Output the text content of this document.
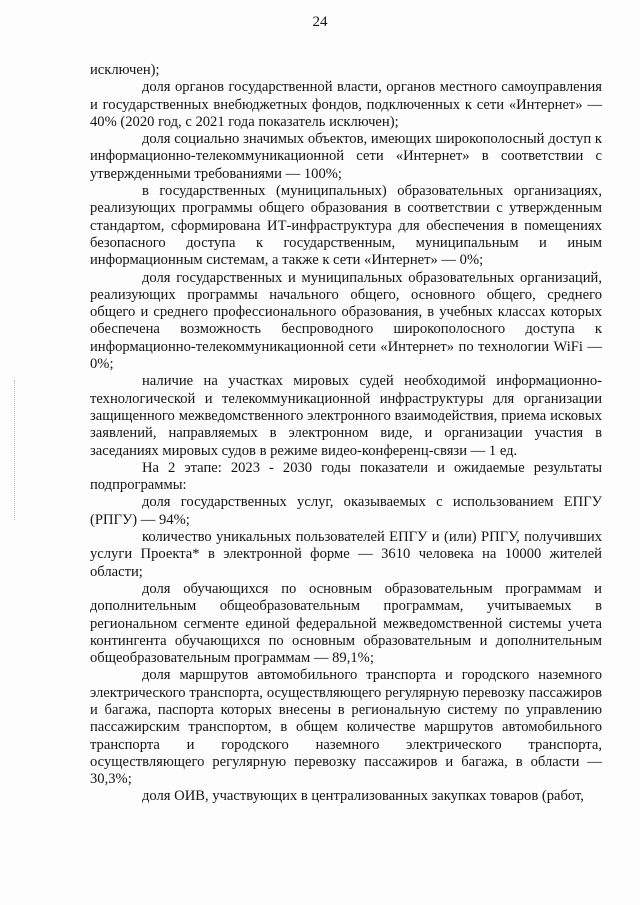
24

исключен);

доля органов государственной власти, органов местного самоуправления и государственных внебюджетных фондов, подключенных к сети «Интернет» — 40% (2020 год, с 2021 года показатель исключен);

доля социально значимых объектов, имеющих широкополосный доступ к информационно-телекоммуникационной сети «Интернет» в соответствии с утвержденными требованиями — 100%;

в государственных (муниципальных) образовательных организациях, реализующих программы общего образования в соответствии с утвержденным стандартом, сформирована ИТ-инфраструктура для обеспечения в помещениях безопасного доступа к государственным, муниципальным и иным информационным системам, а также к сети «Интернет» — 0%;

доля государственных и муниципальных образовательных организаций, реализующих программы начального общего, основного общего, среднего общего и среднего профессионального образования, в учебных классах которых обеспечена возможность беспроводного широкополосного доступа к информационно-телекоммуникационной сети «Интернет» по технологии WiFi — 0%;

наличие на участках мировых судей необходимой информационно-технологической и телекоммуникационной инфраструктуры для организации защищенного межведомственного электронного взаимодействия, приема исковых заявлений, направляемых в электронном виде, и организации участия в заседаниях мировых судов в режиме видео-конференц-связи — 1 ед.

На 2 этапе: 2023 - 2030 годы показатели и ожидаемые результаты подпрограммы:

доля государственных услуг, оказываемых с использованием ЕПГУ (РПГУ) — 94%;

количество уникальных пользователей ЕПГУ и (или) РПГУ, получивших услуги Проекта* в электронной форме — 3610 человека на 10000 жителей области;

доля обучающихся по основным образовательным программам и дополнительным общеобразовательным программам, учитываемых в региональном сегменте единой федеральной межведомственной системы учета контингента обучающихся по основным образовательным и дополнительным общеобразовательным программам — 89,1%;

доля маршрутов автомобильного транспорта и городского наземного электрического транспорта, осуществляющего регулярную перевозку пассажиров и багажа, паспорта которых внесены в региональную систему по управлению пассажирским транспортом, в общем количестве маршрутов автомобильного транспорта и городского наземного электрического транспорта, осуществляющего регулярную перевозку пассажиров и багажа, в области — 30,3%;

доля ОИВ, участвующих в централизованных закупках товаров (работ,
